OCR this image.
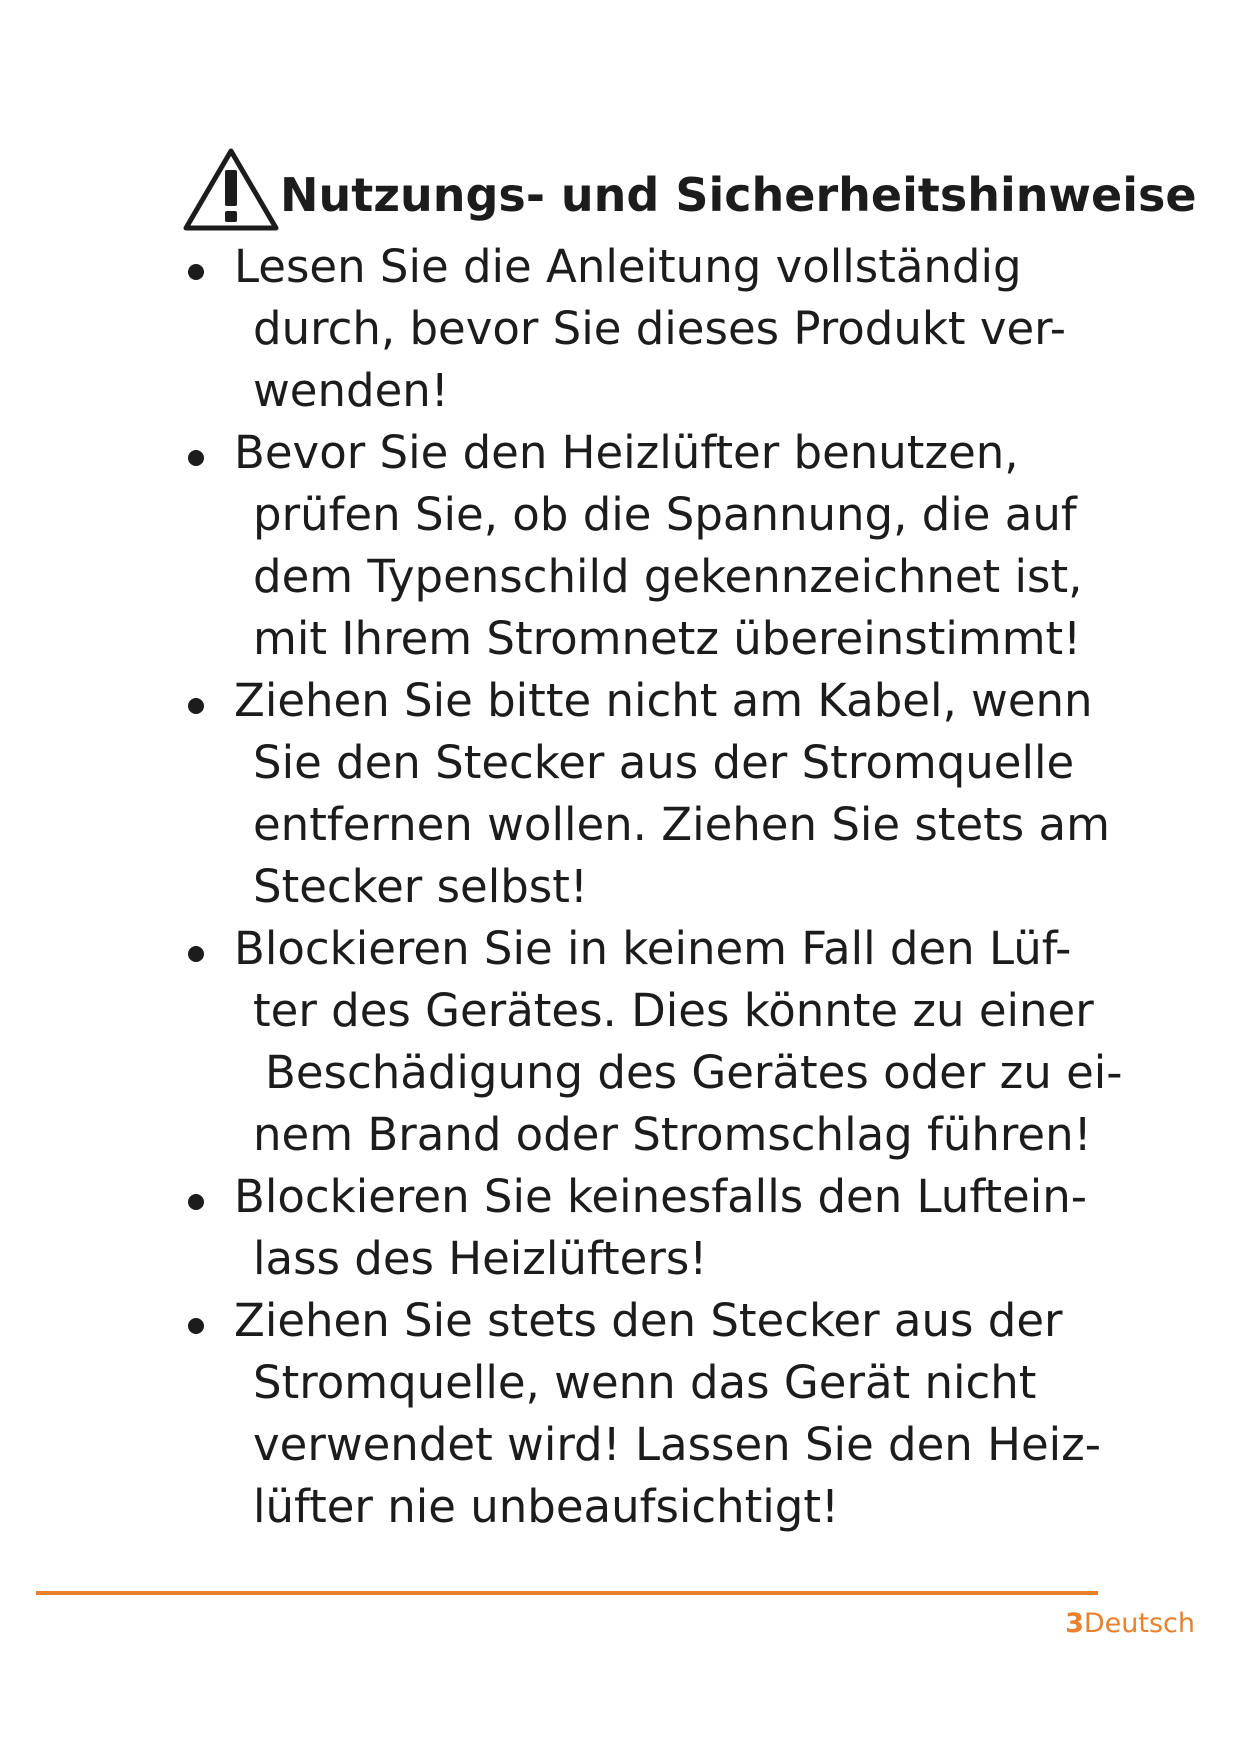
Nutzungs- und Sicherheitshinweise
Lesen Sie die Anleitung vollständig
durch, bevor Sie dieses Produkt ver-
wenden!
Bevor Sie den Heizlüfter benutzen,
prüfen Sie, ob die Spannung, die auf
dem Typenschild gekennzeichnet ist,
mit Ihrem Stromnetz übereinstimmt!
Ziehen Sie bitte nicht am Kabel, wenn
Sie den Stecker aus der Stromquelle
entfernen wollen. Ziehen Sie stets am
Stecker selbst!
Blockieren Sie in keinem Fall den Lüf-
ter des Gerätes. Dies könnte zu einer
Beschädigung des Gerätes oder zu ei-
nem Brand oder Stromschlag führen!
Blockieren Sie keinesfalls den Luftein-
lass des Heizlüfters!
Ziehen Sie stets den Stecker aus der
Stromquelle, wenn das Gerät nicht
verwendet wird! Lassen Sie den Heiz-
lüfter nie unbeaufsichtigt!
3Deutsch
